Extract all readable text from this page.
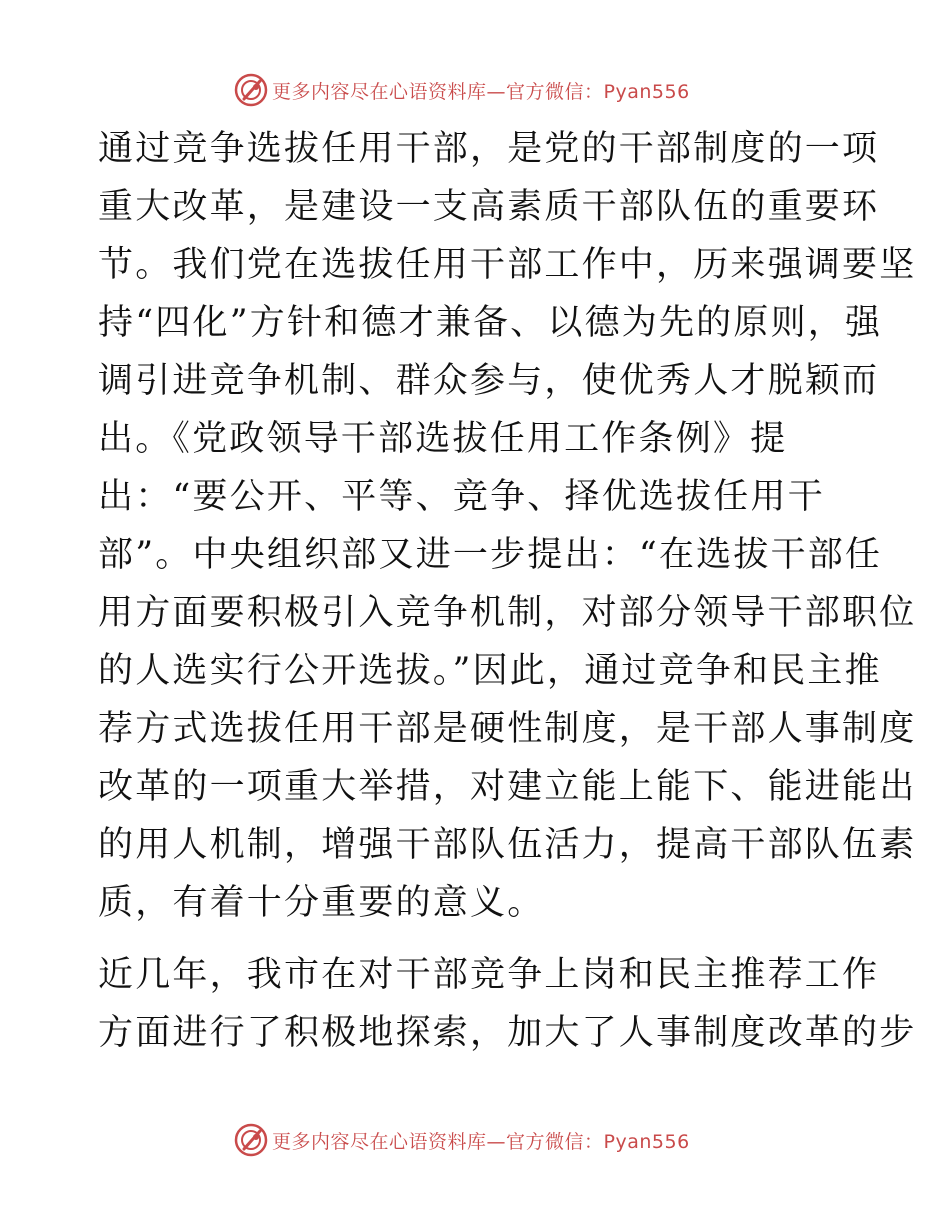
更多内容尽在心语资料库—官方微信：Pyan556
通过竞争选拔任用干部，是党的干部制度的一项
重大改革，是建设一支高素质干部队伍的重要环
节。我们党在选拔任用干部工作中，历来强调要坚
持“四化”方针和德才兼备、以德为先的原则，强
调引进竞争机制、群众参与，使优秀人才脱颖而
出。《党政领导干部选拔任用工作条例》提
出：“要公开、平等、竞争、择优选拔任用干
部”。中央组织部又进一步提出：“在选拔干部任
用方面要积极引入竞争机制，对部分领导干部职位
的人选实行公开选拔。”因此，通过竞争和民主推
荐方式选拔任用干部是硬性制度，是干部人事制度
改革的一项重大举措，对建立能上能下、能进能出
的用人机制，增强干部队伍活力，提高干部队伍素
质，有着十分重要的意义。
近几年，我市在对干部竞争上岗和民主推荐工作
方面进行了积极地探索，加大了人事制度改革的步
更多内容尽在心语资料库—官方微信：Pyan556
